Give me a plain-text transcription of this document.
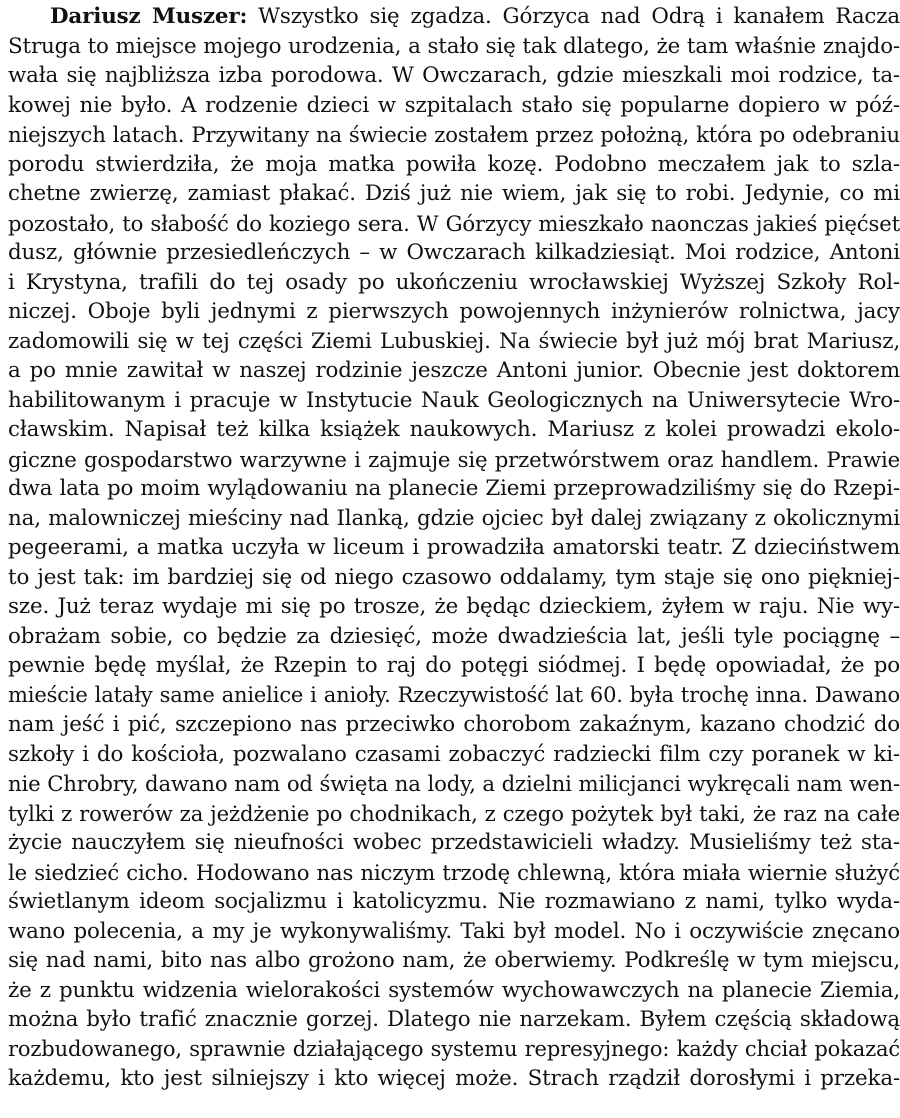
Dariusz Muszer: Wszystko się zgadza. Górzyca nad Odrą i kanałem Racza
Struga to miejsce mojego urodzenia, a stało się tak dlatego, że tam właśnie znajdo-
wała się najbliższa izba porodowa. W Owczarach, gdzie mieszkali moi rodzice, ta-
kowej nie było. A rodzenie dzieci w szpitalach stało się popularne dopiero w póź-
niejszych latach. Przywitany na świecie zostałem przez położną, która po odebraniu
porodu stwierdziła, że moja matka powiła kozę. Podobno meczałem jak to szla-
chetne zwierzę, zamiast płakać. Dziś już nie wiem, jak się to robi. Jedynie, co mi
pozostało, to słabość do koziego sera. W Górzycy mieszkało naonczas jakieś pięćset
dusz, głównie przesiedleńczych – w Owczarach kilkadziesiąt. Moi rodzice, Antoni
i Krystyna, trafili do tej osady po ukończeniu wrocławskiej Wyższej Szkoły Rol-
niczej. Oboje byli jednymi z pierwszych powojennych inżynierów rolnictwa, jacy
zadomowili się w tej części Ziemi Lubuskiej. Na świecie był już mój brat Mariusz,
a po mnie zawitał w naszej rodzinie jeszcze Antoni junior. Obecnie jest doktorem
habilitowanym i pracuje w Instytucie Nauk Geologicznych na Uniwersytecie Wro-
cławskim. Napisał też kilka książek naukowych. Mariusz z kolei prowadzi ekolo-
giczne gospodarstwo warzywne i zajmuje się przetwórstwem oraz handlem. Prawie
dwa lata po moim wylądowaniu na planecie Ziemi przeprowadziliśmy się do Rzepi-
na, malowniczej mieściny nad Ilanką, gdzie ojciec był dalej związany z okolicznymi
pegeerami, a matka uczyła w liceum i prowadziła amatorski teatr. Z dzieciństwem
to jest tak: im bardziej się od niego czasowo oddalamy, tym staje się ono piękniej-
sze. Już teraz wydaje mi się po trosze, że będąc dzieckiem, żyłem w raju. Nie wy-
obrażam sobie, co będzie za dziesięć, może dwadzieścia lat, jeśli tyle pociągnę –
pewnie będę myślał, że Rzepin to raj do potęgi siódmej. I będę opowiadał, że po
mieście latały same anielice i anioły. Rzeczywistość lat 60. była trochę inna. Dawano
nam jeść i pić, szczepiono nas przeciwko chorobom zakaźnym, kazano chodzić do
szkoły i do kościoła, pozwalano czasami zobaczyć radziecki film czy poranek w ki-
nie Chrobry, dawano nam od święta na lody, a dzielni milicjanci wykręcali nam wen-
tylki z rowerów za jeżdżenie po chodnikach, z czego pożytek był taki, że raz na całe
życie nauczyłem się nieufności wobec przedstawicieli władzy. Musieliśmy też sta-
le siedzieć cicho. Hodowano nas niczym trzodę chlewną, która miała wiernie służyć
świetlanym ideom socjalizmu i katolicyzmu. Nie rozmawiano z nami, tylko wyda-
wano polecenia, a my je wykonywaliśmy. Taki był model. No i oczywiście znęcano
się nad nami, bito nas albo grożono nam, że oberwiemy. Podkreślę w tym miejscu,
że z punktu widzenia wielorakości systemów wychowawczych na planecie Ziemia,
można było trafić znacznie gorzej. Dlatego nie narzekam. Byłem częścią składową
rozbudowanego, sprawnie działającego systemu represyjnego: każdy chciał pokazać
każdemu, kto jest silniejszy i kto więcej może. Strach rządził dorosłymi i przeka-
